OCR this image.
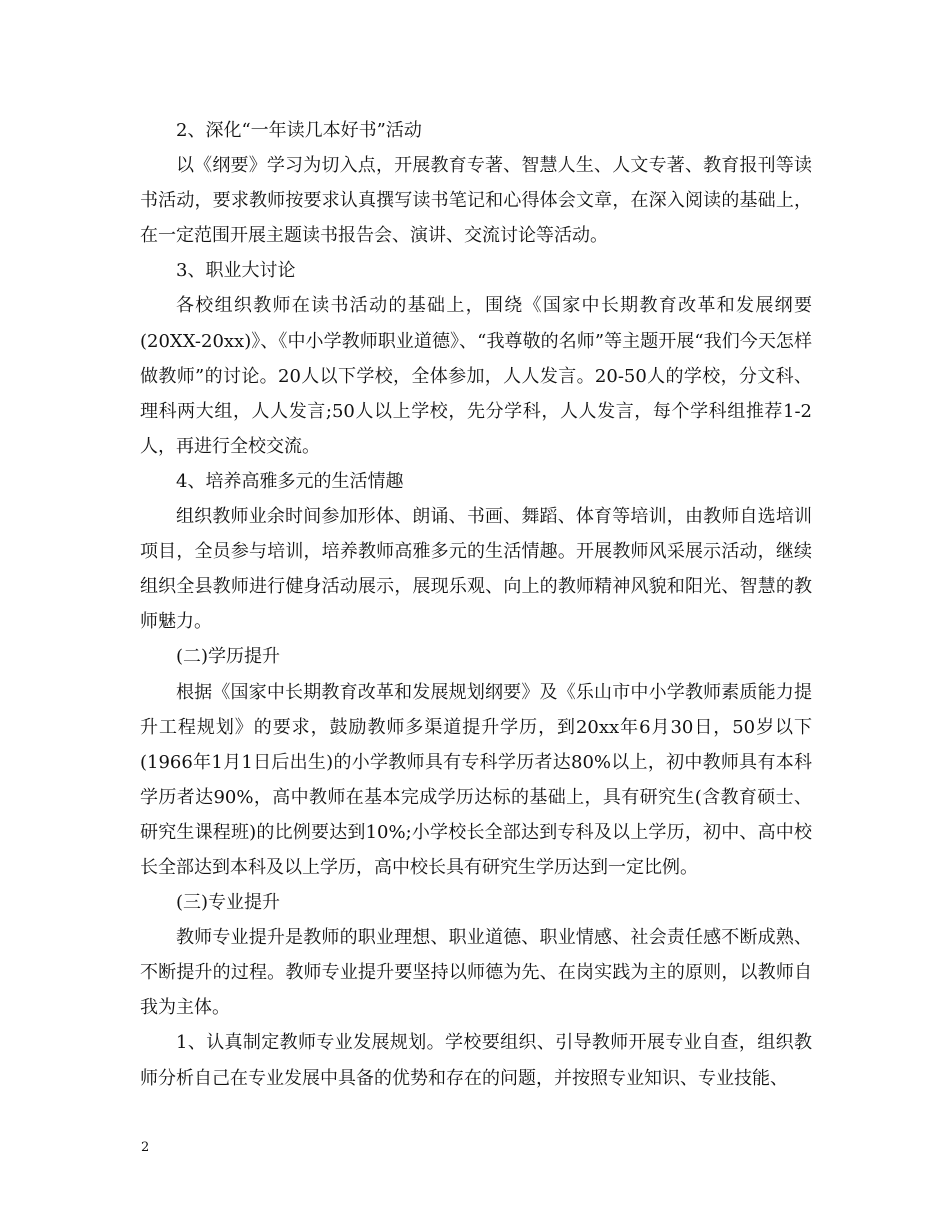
2、深化“一年读几本好书”活动

以《纲要》学习为切入点，开展教育专著、智慧人生、人文专著、教育报刊等读书活动，要求教师按要求认真撰写读书笔记和心得体会文章，在深入阅读的基础上，在一定范围开展主题读书报告会、演讲、交流讨论等活动。

3、职业大讨论

各校组织教师在读书活动的基础上，围绕《国家中长期教育改革和发展纲要(20XX-20xx)》、《中小学教师职业道德》、“我尊敬的名师”等主题开展“我们今天怎样做教师”的讨论。20人以下学校，全体参加，人人发言。20-50人的学校，分文科、理科两大组，人人发言;50人以上学校，先分学科，人人发言，每个学科组推荐1-2人，再进行全校交流。

4、培养高雅多元的生活情趣

组织教师业余时间参加形体、朗诵、书画、舞蹈、体育等培训，由教师自选培训项目，全员参与培训，培养教师高雅多元的生活情趣。开展教师风采展示活动，继续组织全县教师进行健身活动展示，展现乐观、向上的教师精神风貌和阳光、智慧的教师魅力。

(二)学历提升

根据《国家中长期教育改革和发展规划纲要》及《乐山市中小学教师素质能力提升工程规划》的要求，鼓励教师多渠道提升学历，到20xx年6月30日，50岁以下(1966年1月1日后出生)的小学教师具有专科学历者达80%以上，初中教师具有本科学历者达90%，高中教师在基本完成学历达标的基础上，具有研究生(含教育硕士、研究生课程班)的比例要达到10%;小学校长全部达到专科及以上学历，初中、高中校长全部达到本科及以上学历，高中校长具有研究生学历达到一定比例。

(三)专业提升

教师专业提升是教师的职业理想、职业道德、职业情感、社会责任感不断成熟、不断提升的过程。教师专业提升要坚持以师德为先、在岗实践为主的原则，以教师自我为主体。

1、认真制定教师专业发展规划。学校要组织、引导教师开展专业自查，组织教师分析自己在专业发展中具备的优势和存在的问题，并按照专业知识、专业技能、

2
